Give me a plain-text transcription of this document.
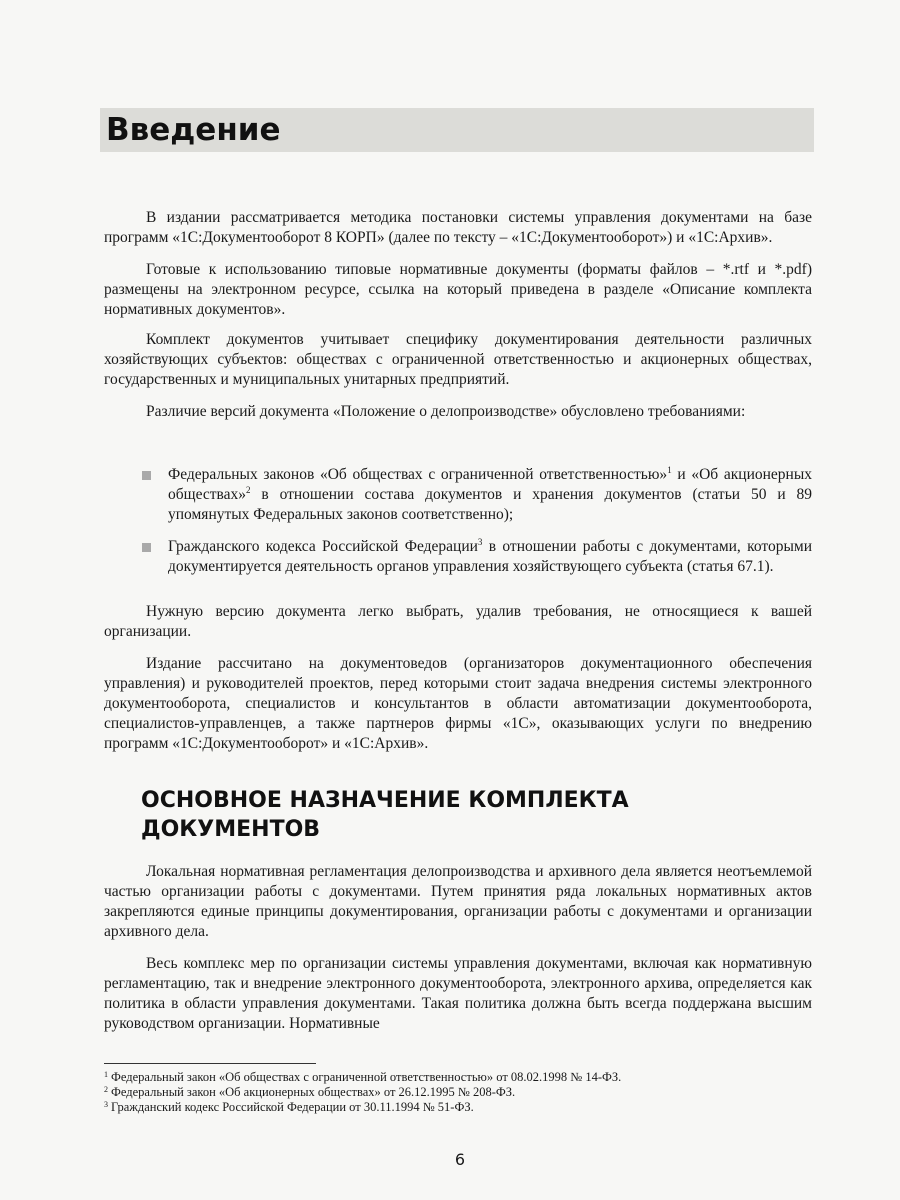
Введение

В издании рассматривается методика постановки системы управления документами на базе программ «1С:Документооборот 8 КОРП» (далее по тексту – «1С:Документооборот») и «1С:Архив».

Готовые к использованию типовые нормативные документы (форматы файлов – *.rtf и *.pdf) размещены на электронном ресурсе, ссылка на который приведена в разделе «Описание комплекта нормативных документов».

Комплект документов учитывает специфику документирования деятельности различных хозяйствующих субъектов: обществах с ограниченной ответственностью и акционерных обществах, государственных и муниципальных унитарных предприятий.

Различие версий документа «Положение о делопроизводстве» обусловлено требованиями:

Федеральных законов «Об обществах с ограниченной ответственностью»$^1$ и «Об акционерных обществах»$^2$ в отношении состава документов и хранения документов (статьи 50 и 89 упомянутых Федеральных законов соответственно);
Гражданского кодекса Российской Федерации$^3$ в отношении работы с документами, которыми документируется деятельность органов управления хозяйствующего субъекта (статья 67.1).

Нужную версию документа легко выбрать, удалив требования, не относящиеся к вашей организации.

Издание рассчитано на документоведов (организаторов документационного обеспечения управления) и руководителей проектов, перед которыми стоит задача внедрения системы электронного документооборота, специалистов и консультантов в области автоматизации документооборота, специалистов-управленцев, а также партнеров фирмы «1С», оказывающих услуги по внедрению программ «1С:Документооборот» и «1С:Архив».

ОСНОВНОЕ НАЗНАЧЕНИЕ КОМПЛЕКТА ДОКУМЕНТОВ

Локальная нормативная регламентация делопроизводства и архивного дела является неотъемлемой частью организации работы с документами. Путем принятия ряда локальных нормативных актов закрепляются единые принципы документирования, организации работы с документами и организации архивного дела.

Весь комплекс мер по организации системы управления документами, включая как нормативную регламентацию, так и внедрение электронного документооборота, электронного архива, определяется как политика в области управления документами. Такая политика должна быть всегда поддержана высшим руководством организации. Нормативные

$^1$ Федеральный закон «Об обществах с ограниченной ответственностью» от 08.02.1998 № 14-ФЗ.
$^2$ Федеральный закон «Об акционерных обществах» от 26.12.1995 № 208-ФЗ.
$^3$ Гражданский кодекс Российской Федерации от 30.11.1994 № 51-ФЗ.
6
